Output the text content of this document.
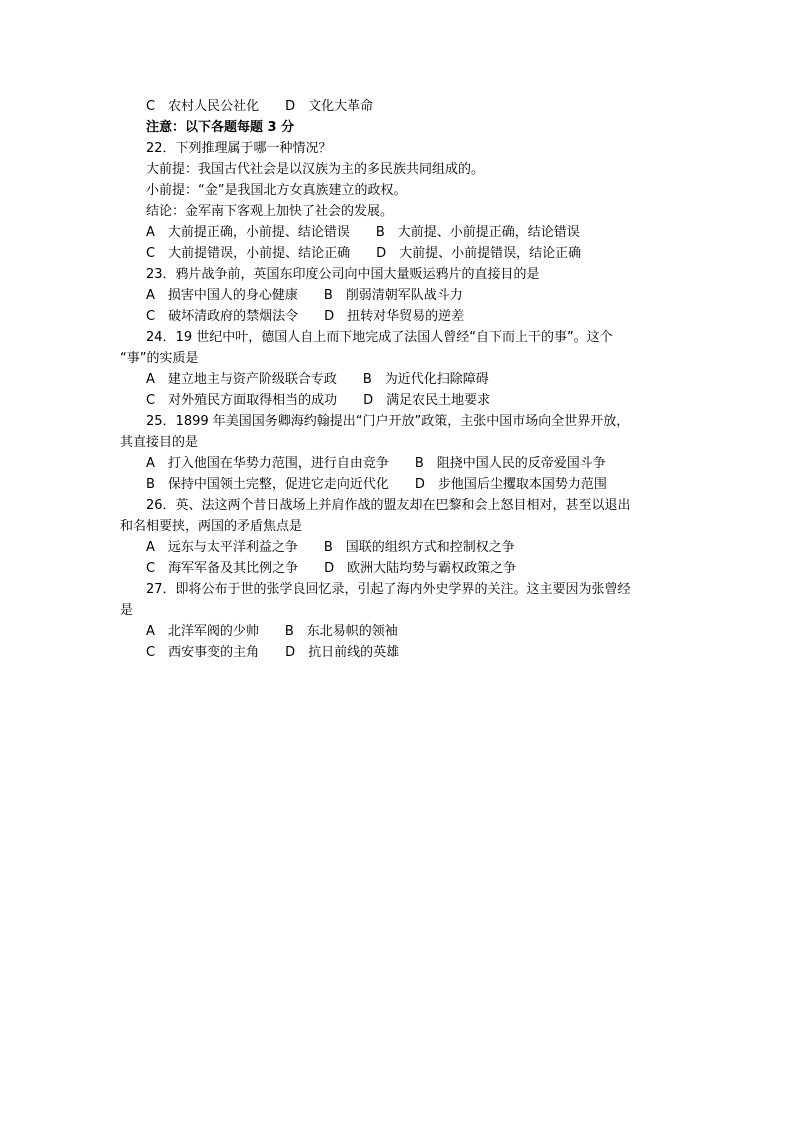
C　农村人民公社化　　D　文化大革命
注意：以下各题每题 3 分
22．下列推理属于哪一种情况？
大前提：我国古代社会是以汉族为主的多民族共同组成的。
小前提：“金”是我国北方女真族建立的政权。
结论：金军南下客观上加快了社会的发展。
A　大前提正确，小前提、结论错误　　B　大前提、小前提正确，结论错误
C　大前提错误，小前提、结论正确　　D　大前提、小前提错误，结论正确
23．鸦片战争前，英国东印度公司向中国大量贩运鸦片的直接目的是
A　损害中国人的身心健康　　B　削弱清朝军队战斗力
C　破坏清政府的禁烟法令　　D　扭转对华贸易的逆差
24．19 世纪中叶，德国人自上而下地完成了法国人曾经“自下而上干的事”。这个
“事”的实质是
A　建立地主与资产阶级联合专政　　B　为近代化扫除障碍
C　对外殖民方面取得相当的成功　　D　满足农民土地要求
25．1899 年美国国务卿海约翰提出“门户开放”政策，主张中国市场向全世界开放，
其直接目的是
A　打入他国在华势力范围，进行自由竞争　　B　阻挠中国人民的反帝爱国斗争
B　保持中国领土完整，促进它走向近代化　　D　步他国后尘攫取本国势力范围
26．英、法这两个昔日战场上并肩作战的盟友却在巴黎和会上怒目相对，甚至以退出
和名相要挟，两国的矛盾焦点是
A　远东与太平洋利益之争　　B　国联的组织方式和控制权之争
C　海军军备及其比例之争　　D　欧洲大陆均势与霸权政策之争
27．即将公布于世的张学良回忆录，引起了海内外史学界的关注。这主要因为张曾经
是
A　北洋军阀的少帅　　B　东北易帜的领袖
C　西安事变的主角　　D　抗日前线的英雄
